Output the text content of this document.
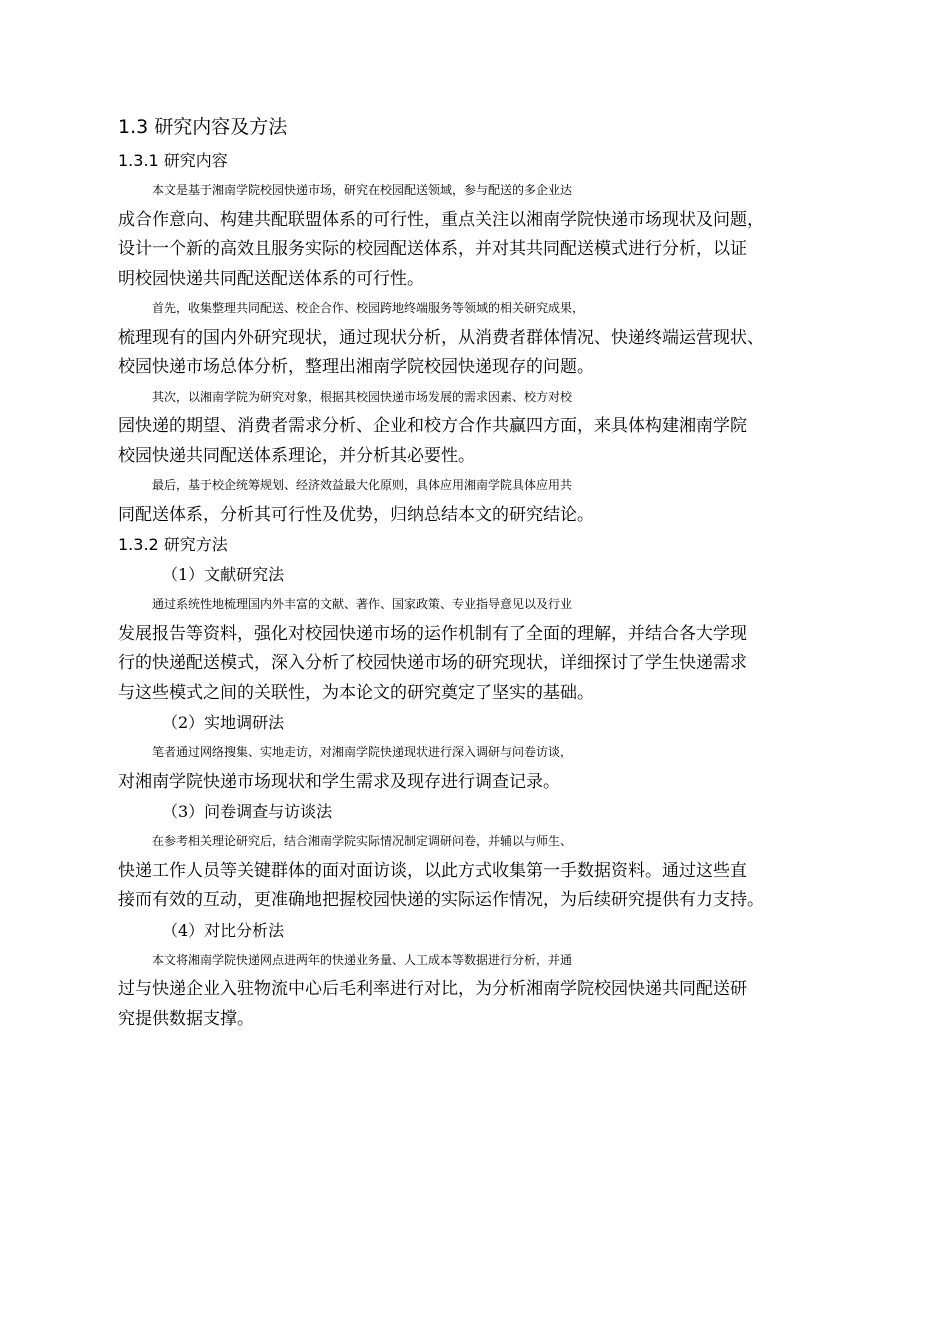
1.3 研究内容及方法
1.3.1 研究内容

本文是基于湘南学院校园快递市场，研究在校园配送领域，参与配送的多企业达
成合作意向、构建共配联盟体系的可行性，重点关注以湘南学院快递市场现状及问题，
设计一个新的高效且服务实际的校园配送体系，并对其共同配送模式进行分析，以证
明校园快递共同配送配送体系的可行性。

首先，收集整理共同配送、校企合作、校园跨地终端服务等领域的相关研究成果，
梳理现有的国内外研究现状，通过现状分析，从消费者群体情况、快递终端运营现状、
校园快递市场总体分析，整理出湘南学院校园快递现存的问题。

其次，以湘南学院为研究对象，根据其校园快递市场发展的需求因素、校方对校
园快递的期望、消费者需求分析、企业和校方合作共赢四方面，来具体构建湘南学院
校园快递共同配送体系理论，并分析其必要性。

最后，基于校企统筹规划、经济效益最大化原则，具体应用湘南学院具体应用共
同配送体系，分析其可行性及优势，归纳总结本文的研究结论。

1.3.2 研究方法
（1）文献研究法

通过系统性地梳理国内外丰富的文献、著作、国家政策、专业指导意见以及行业
发展报告等资料，强化对校园快递市场的运作机制有了全面的理解，并结合各大学现
行的快递配送模式，深入分析了校园快递市场的研究现状，详细探讨了学生快递需求
与这些模式之间的关联性，为本论文的研究奠定了坚实的基础。

（2）实地调研法

笔者通过网络搜集、实地走访，对湘南学院快递现状进行深入调研与问卷访谈，
对湘南学院快递市场现状和学生需求及现存进行调查记录。

（3）问卷调查与访谈法

在参考相关理论研究后，结合湘南学院实际情况制定调研问卷，并辅以与师生、
快递工作人员等关键群体的面对面访谈，以此方式收集第一手数据资料。通过这些直
接而有效的互动，更准确地把握校园快递的实际运作情况，为后续研究提供有力支持。

（4）对比分析法

本文将湘南学院快递网点进两年的快递业务量、人工成本等数据进行分析，并通
过与快递企业入驻物流中心后毛利率进行对比，为分析湘南学院校园快递共同配送研
究提供数据支撑。
